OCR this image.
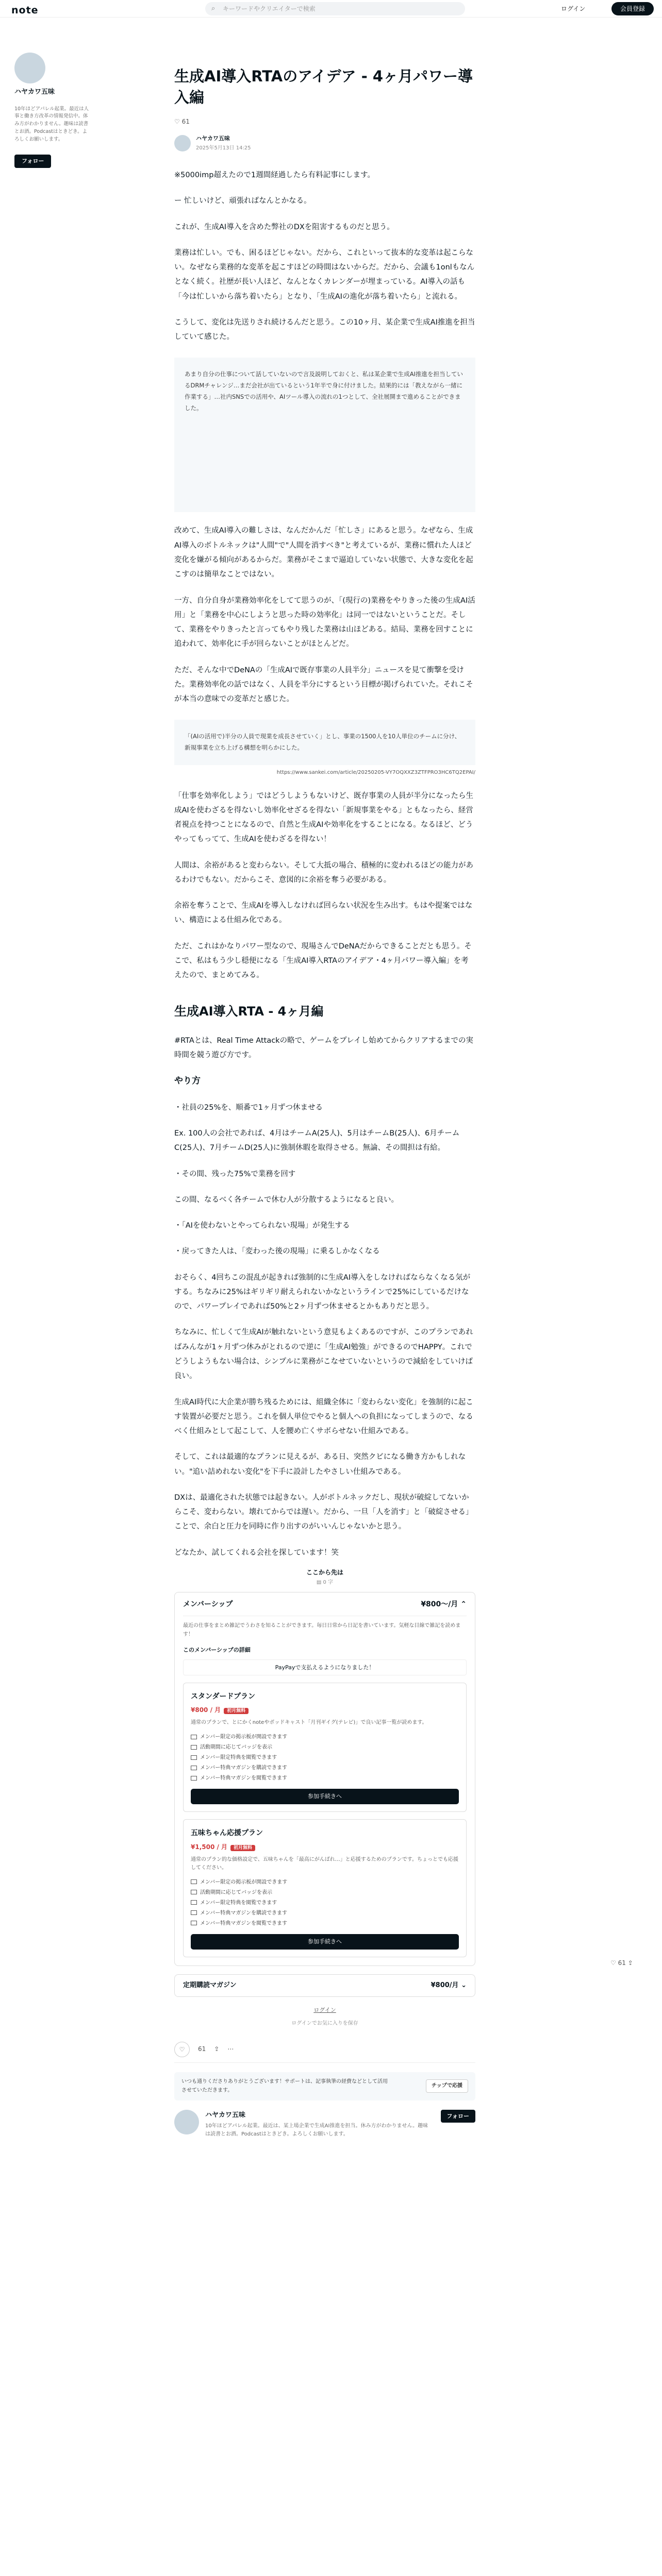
note	⌕ キーワードやクリエイターで検索	ログイン	会員登録
ハヤカワ五味
10年ほどアパレル起業。最近は人事と働き方改革の情報発信中。体み方がわかりません。趣味は読書とお酒。Podcastはときどき。よろしくお願いします。
フォロー
♡ 61 ⇪
生成AI導入RTAのアイデア - 4ヶ月パワー導入編
♡ 61
ハヤカワ五味
2025年5月13日 14:25

※5000imp超えたので1週間経過したら有料記事にします。

ー 忙しいけど、頑張ればなんとかなる。

これが、生成AI導入を含めた弊社のDXを阻害するものだと思う。

業務は忙しい。でも、困るほどじゃない。だから、これといって抜本的な変革は起こらない。なぜなら業務的な変革を起こすほどの時間はないからだ。だから、会議も1onlもなんとなく続く。社歴が長い人ほど、なんとなくカレンダーが埋まっている。AI導入の話も「今は忙しいから落ち着いたら」となり、「生成AIの進化が落ち着いたら」と流れる。

こうして、変化は先送りされ続けるんだと思う。この10ヶ月、某企業で生成AI推進を担当していて感じた。

あまり自分の仕事について話していないので言及説明しておくと、私は某企業で生成AI推進を担当しているDRMチャレンジ…まだ会社が出ているという1年半で身に付けました。結果的には「教えながら一緒に作業する」…社内SNSでの活用や、AIツール導入の流れの1つとして、全社展開まで進めることができました。

改めて、生成AI導入の難しさは、なんだかんだ「忙しさ」にあると思う。なぜなら、生成AI導入のボトルネックは"人間"で"人間を消すべき"と考えているが、業務に慣れた人ほど変化を嫌がる傾向があるからだ。業務がそこまで逼迫していない状態で、大きな変化を起こすのは簡単なことではない。

一方、自分自身が業務効率化をしてて思うのが、「(現行の)業務をやりきった後の生成AI活用」と「業務を中心にしようと思った時の効率化」は同一ではないということだ。そして、業務をやりきったと言ってもやり残した業務は山ほどある。結局、業務を回すことに追われて、効率化に手が回らないことがほとんどだ。

ただ、そんな中でDeNAの「生成AIで既存事業の人員半分」ニュースを見て衝撃を受けた。業務効率化の話ではなく、人員を半分にするという目標が掲げられていた。それこそが本当の意味での変革だと感じた。

「(AIの活用で)半分の人員で現業を成長させていく」とし、事業の1500人を10人単位のチームに分け、新規事業を立ち上げる構想を明らかにした。
https://www.sankei.com/article/20250205-VY7OQXXZ3ZTFPRO3HC6TQ2EPAI/

「仕事を効率化しよう」ではどうしようもないけど、既存事業の人員が半分になったら生成AIを使わざるを得ないし効率化せざるを得ない「新規事業をやる」ともなったら、経営者視点を持つことになるので、自然と生成AIや効率化をすることになる。なるほど、どうやってもってて、生成AIを使わざるを得ない！

人間は、余裕があると変わらない。そして大抵の場合、積極的に変われるほどの能力があるわけでもない。だからこそ、意図的に余裕を奪う必要がある。

余裕を奪うことで、生成AIを導入しなければ回らない状況を生み出す。もはや提案ではない、構造による仕組み化である。

ただ、これはかなりパワー型なので、現場さんでDeNAだからできることだとも思う。そこで、私はもう少し穏便になる「生成AI導入RTAのアイデア・4ヶ月パワー導入編」を考えたので、まとめてみる。

生成AI導入RTA - 4ヶ月編

#RTAとは、Real Time Attackの略で、ゲームをプレイし始めてからクリアするまでの実時間を競う遊び方です。

やり方

・社員の25%を、順番で1ヶ月ずつ休ませる

Ex. 100人の会社であれば、4月はチームA(25人)、5月はチームB(25人)、6月チームC(25人)、7月チームD(25人)に強制休暇を取得させる。無論、その間担は有給。

・その間、残った75%で業務を回す

この間、なるべく各チームで休む人が分散するようになると良い。

・「AIを使わないとやってられない現場」が発生する

・戻ってきた人は、「変わった後の現場」に乗るしかなくなる

おそらく、4回ちこの混乱が起きれば強制的に生成AI導入をしなければならなくなる気がする。ちなみに25%はギリギリ耐えられないかなというラインで25%にしているだけなので、パワープレイであれば50%と2ヶ月ずつ休ませるとかもありだと思う。

ちなみに、忙しくて生成AIが触れないという意見もよくあるのですが、このプランであればみんなが1ヶ月ずつ休みがとれるので逆に「生成AI勉強」ができるのでHAPPY。これでどうしようもない場合は、シンプルに業務がこなせていないというので減給をしていけば良い。

生成AI時代に大企業が勝ち残るためには、組織全体に「変わらない変化」を強制的に起こす装置が必要だと思う。これを個人単位でやると個人への負担になってしまうので、なるべく仕組みとして起こして、人を腰め亡くサボらせない仕組みである。

そして、これは最適的なプランに見えるが、ある日、突然クビになる働き方かもしれない。"追い詰めれない変化"を下手に設計したやさしい仕組みである。

DXは、最適化された状態では起きない。人がボトルネックだし、現状が破綻してないからこそ、変わらない。壊れてからでは遅い。だから、一旦「人を消す」と「破綻させる」ことで、余白と圧力を同時に作り出すのがいいんじゃないかと思う。

どなたか、試してくれる会社を探しています！笑

ここから先は
▤ 0 字
メンバーシップ	¥800〜/月 ⌃
最近の仕事をまとめ雑記でうわさを知ることができます。毎日日常から日記を書いています。気軽な目線で雑記を読めます！
このメンバーシップの詳細
PayPayで支払えるようになりました！
スタンダードプラン
¥800 / 月 初月無料
通常のプランで、とにかくnoteやポッドキャスト「月刊ギイグ(テレビ)」で良い記事一覧が読めます。
メンバー限定の掲示板が開設できます
活動期間に応じてバッジを表示
メンバー限定特典を閲覧できます
メンバー特典マガジンを購読できます
メンバー特典マガジンを閲覧できます
参加手続きへ
五味ちゃん応援プラン
¥1,500 / 月 初月無料
通常のプラン的な価格設定で、五味ちゃんを「最高にがんばれ…」と応援するためのプランです。ちょっとでも応援してください。
メンバー限定の掲示板が開設できます
活動期間に応じてバッジを表示
メンバー限定特典を閲覧できます
メンバー特典マガジンを購読できます
メンバー特典マガジンを閲覧できます
参加手続きへ
定期購読マガジン	¥800/月 ⌄
ログイン
ログインでお気に入りを保存
♡	61 ⇪ ⋯
いつも通りくださりありがとうございます！サポートは、記事執筆の経費などとして活用させていただきます。
チップで応援
ハヤカワ五味
10年ほどアパレル起業。最近は、某上場企業で生成AI推進を担当。休み方がわかりません。趣味は読書とお酒。Podcastはときどき。よろしくお願いします。
フォロー
